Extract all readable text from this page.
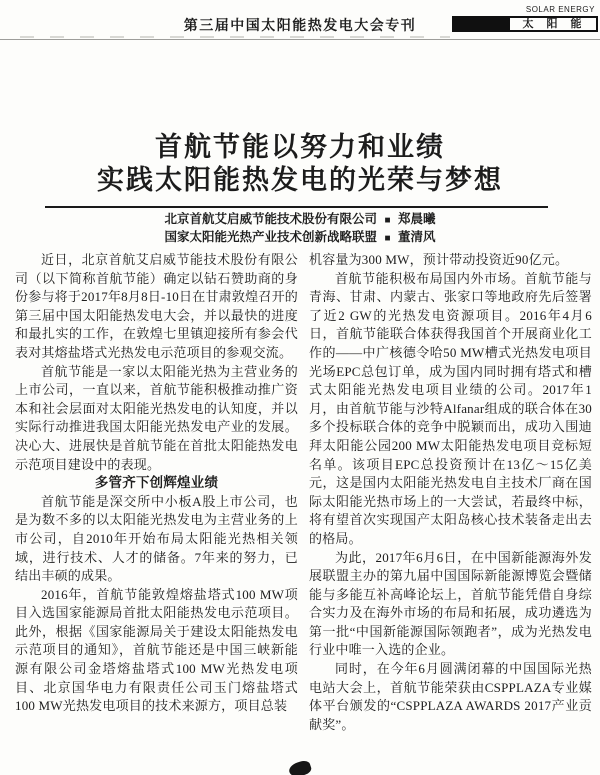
第三届中国太阳能热发电大会专刊
SOLAR ENERGY
太 阳 能
首航节能以努力和业绩
实践太阳能热发电的光荣与梦想
北京首航艾启威节能技术股份有限公司 ■ 郑晨曦
国家太阳能光热产业技术创新战略联盟 ■ 董清风

近日，北京首航艾启威节能技术股份有限公司（以下简称首航节能）确定以钻石赞助商的身份参与将于2017年8月8日-10日在甘肃敦煌召开的第三届中国太阳能热发电大会，并以最快的进度和最扎实的工作，在敦煌七里镇迎接所有参会代表对其熔盐塔式光热发电示范项目的参观交流。

首航节能是一家以太阳能光热为主营业务的上市公司，一直以来，首航节能积极推动推广资本和社会层面对太阳能光热发电的认知度，并以实际行动推进我国太阳能光热发电产业的发展。决心大、进展快是首航节能在首批太阳能热发电示范项目建设中的表现。

多管齐下创辉煌业绩

首航节能是深交所中小板A股上市公司，也是为数不多的以太阳能光热发电为主营业务的上市公司，自2010年开始布局太阳能光热相关领域，进行技术、人才的储备。7年来的努力，已结出丰硕的成果。

2016年，首航节能敦煌熔盐塔式100 MW项目入选国家能源局首批太阳能热发电示范项目。此外，根据《国家能源局关于建设太阳能热发电示范项目的通知》，首航节能还是中国三峡新能源有限公司金塔熔盐塔式100 MW光热发电项目、北京国华电力有限责任公司玉门熔盐塔式100 MW光热发电项目的技术来源方，项目总装

机容量为300 MW，预计带动投资近90亿元。

首航节能积极布局国内外市场。首航节能与青海、甘肃、内蒙古、张家口等地政府先后签署了近2 GW的光热发电资源项目。2016年4月6日，首航节能联合体获得我国首个开展商业化工作的——中广核德令哈50 MW槽式光热发电项目光场EPC总包订单，成为国内同时拥有塔式和槽式太阳能光热发电项目业绩的公司。2017年1月，由首航节能与沙特Alfanar组成的联合体在30多个投标联合体的竞争中脱颖而出，成功入围迪拜太阳能公园200 MW太阳能热发电项目竞标短名单。该项目EPC总投资预计在13亿～15亿美元，这是国内太阳能光热发电自主技术厂商在国际太阳能光热市场上的一大尝试，若最终中标，将有望首次实现国产太阳岛核心技术装备走出去的格局。

为此，2017年6月6日，在中国新能源海外发展联盟主办的第九届中国国际新能源博览会暨储能与多能互补高峰论坛上，首航节能凭借自身综合实力及在海外市场的布局和拓展，成功遴选为第一批“中国新能源国际领跑者”，成为光热发电行业中唯一入选的企业。

同时，在今年6月圆满闭幕的中国国际光热电站大会上，首航节能荣获由CSPPLAZA专业媒体平台颁发的“CSPPLAZA AWARDS 2017产业贡献奖”。
